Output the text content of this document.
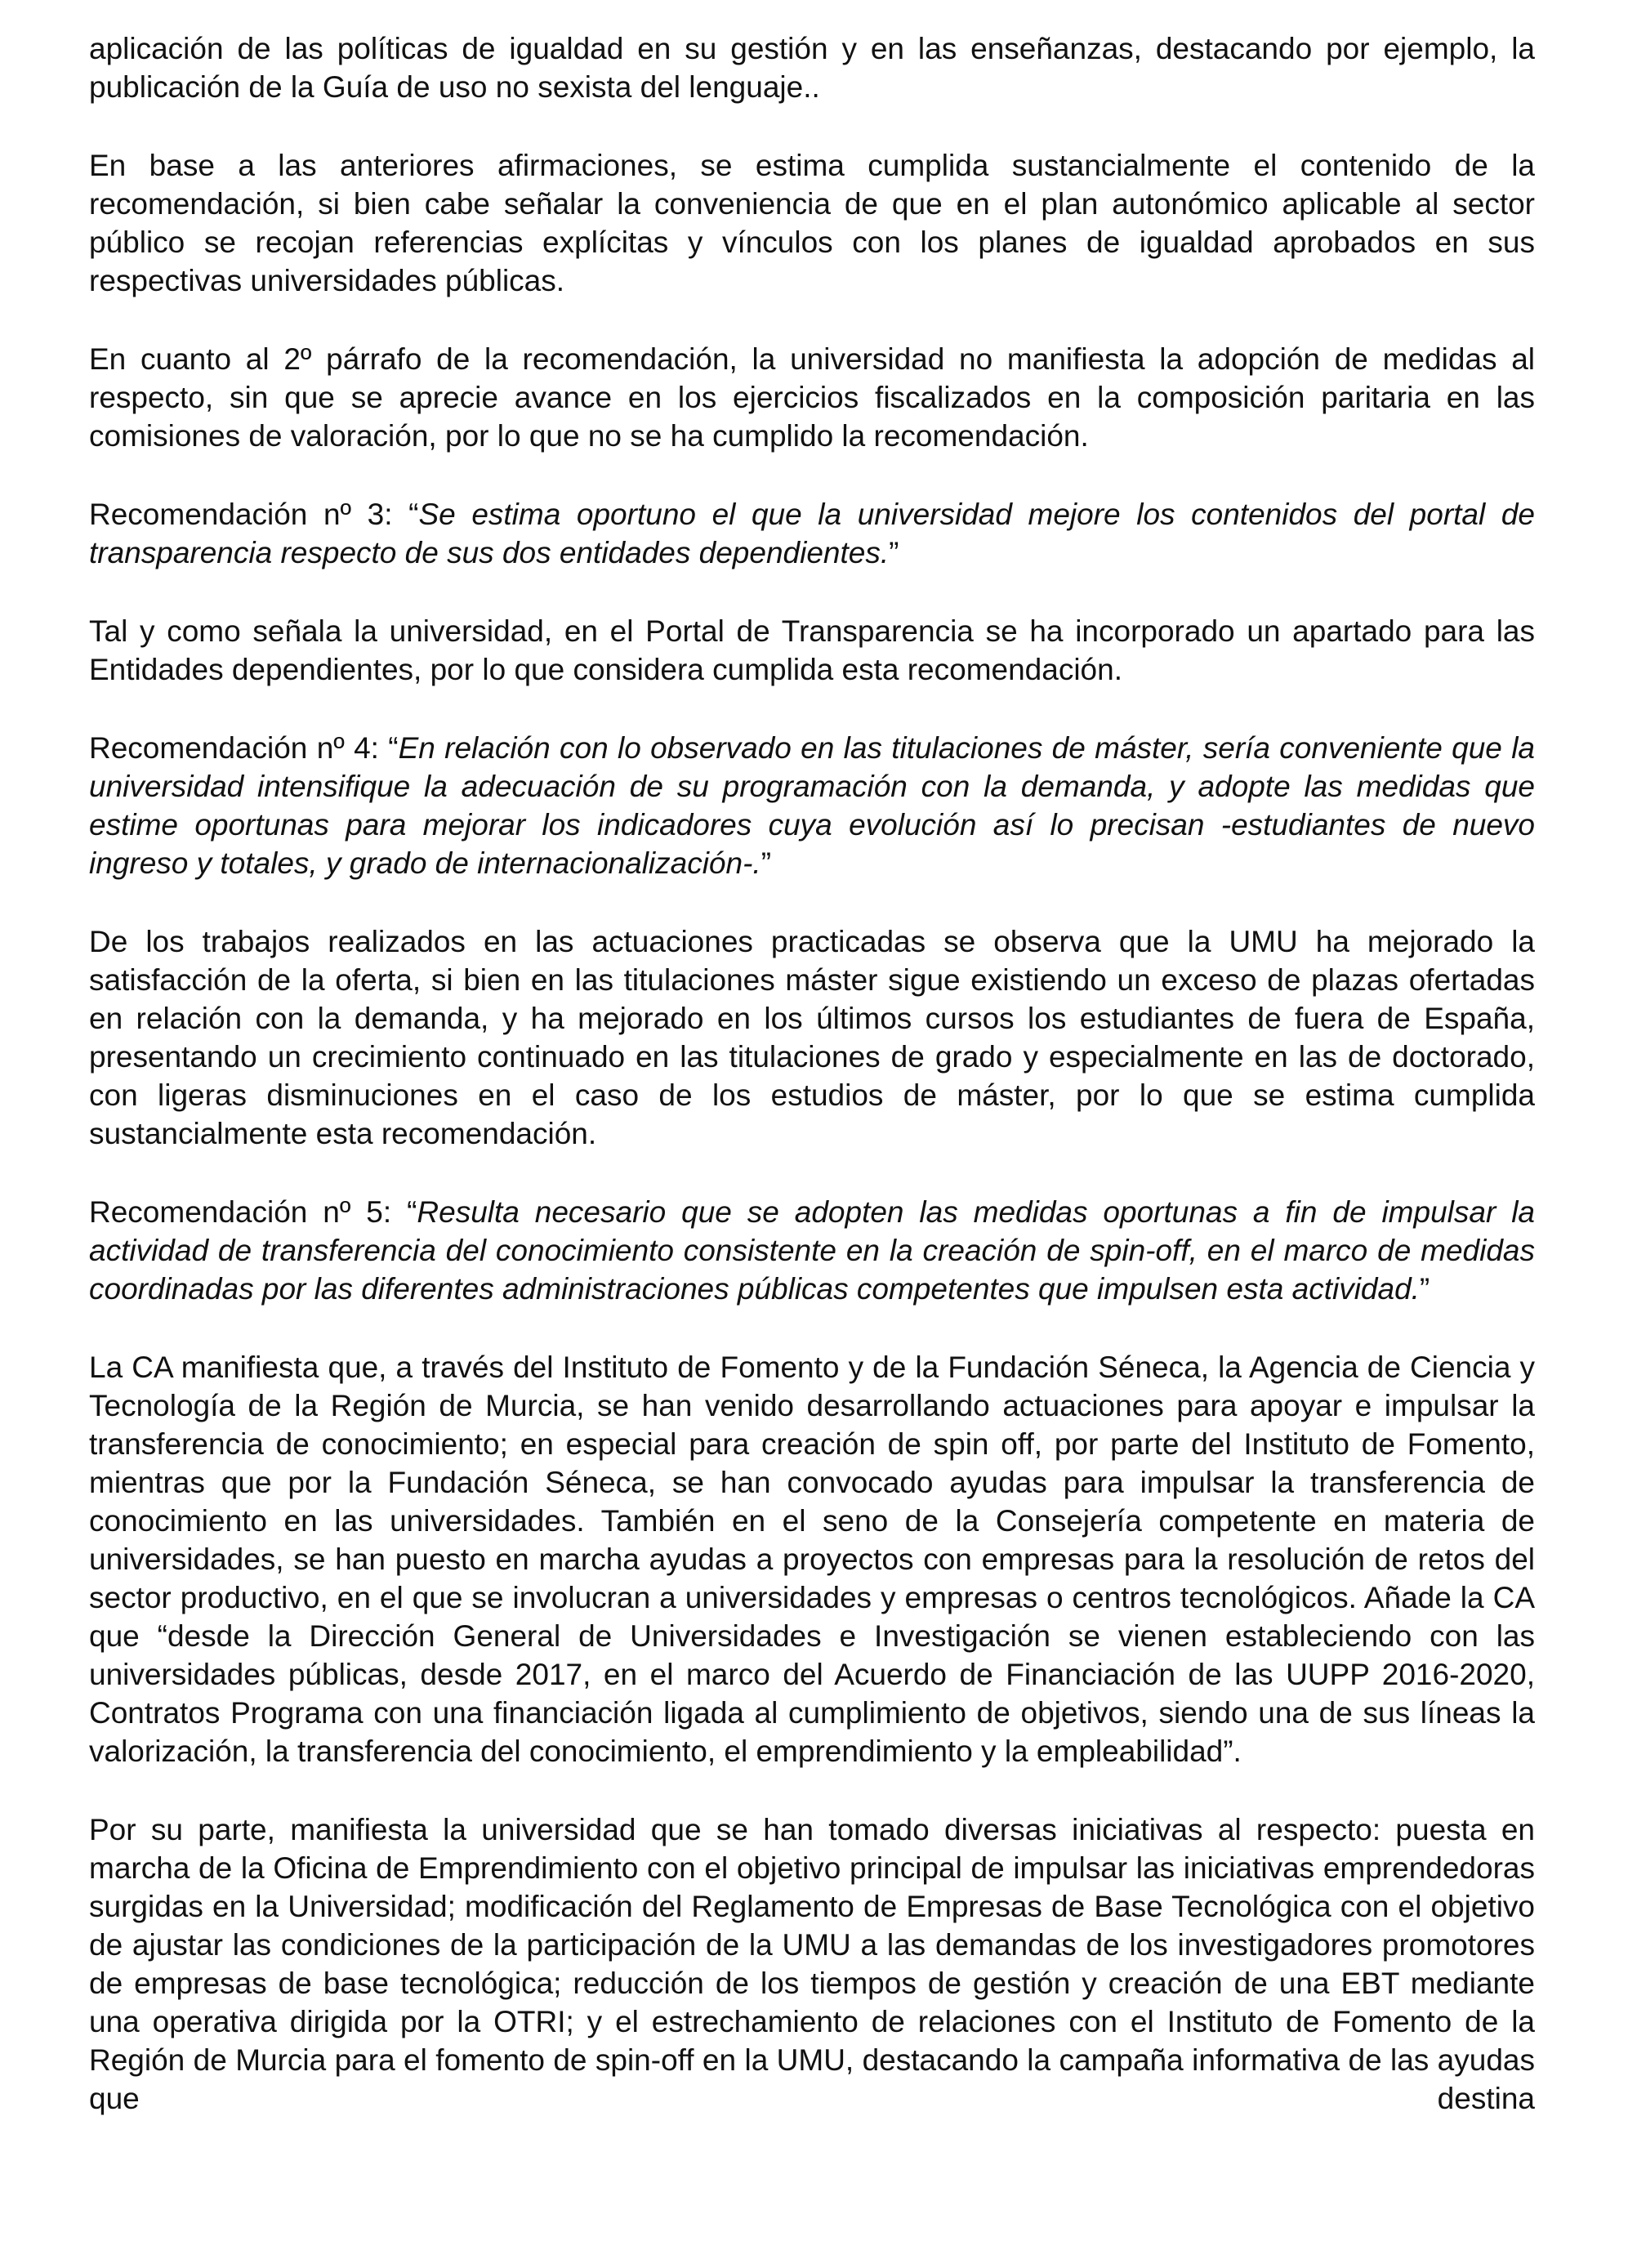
aplicación de las políticas de igualdad en su gestión y en las enseñanzas, destacando por ejemplo, la publicación de la Guía de uso no sexista del lenguaje..

En base a las anteriores afirmaciones, se estima cumplida sustancialmente el contenido de la recomendación, si bien cabe señalar la conveniencia de que en el plan autonómico aplicable al sector público se recojan referencias explícitas y vínculos con los planes de igualdad aprobados en sus respectivas universidades públicas.

En cuanto al 2º párrafo de la recomendación, la universidad no manifiesta la adopción de medidas al respecto, sin que se aprecie avance en los ejercicios fiscalizados en la composición paritaria en las comisiones de valoración, por lo que no se ha cumplido la recomendación.

Recomendación nº 3: “Se estima oportuno el que la universidad mejore los contenidos del portal de transparencia respecto de sus dos entidades dependientes.”

Tal y como señala la universidad, en el Portal de Transparencia se ha incorporado un apartado para las Entidades dependientes, por lo que considera cumplida esta recomendación.

Recomendación nº 4: “En relación con lo observado en las titulaciones de máster, sería conveniente que la universidad intensifique la adecuación de su programación con la demanda, y adopte las medidas que estime oportunas para mejorar los indicadores cuya evolución así lo precisan -estudiantes de nuevo ingreso y totales, y grado de internacionalización-.”

De los trabajos realizados en las actuaciones practicadas se observa que la UMU ha mejorado la satisfacción de la oferta, si bien en las titulaciones máster sigue existiendo un exceso de plazas ofertadas en relación con la demanda, y ha mejorado en los últimos cursos los estudiantes de fuera de España, presentando un crecimiento continuado en las titulaciones de grado y especialmente en las de doctorado, con ligeras disminuciones en el caso de los estudios de máster, por lo que se estima cumplida sustancialmente esta recomendación.

Recomendación nº 5: “Resulta necesario que se adopten las medidas oportunas a fin de impulsar la actividad de transferencia del conocimiento consistente en la creación de spin-off, en el marco de medidas coordinadas por las diferentes administraciones públicas competentes que impulsen esta actividad.”

La CA manifiesta que, a través del Instituto de Fomento y de la Fundación Séneca, la Agencia de Ciencia y Tecnología de la Región de Murcia, se han venido desarrollando actuaciones para apoyar e impulsar la transferencia de conocimiento; en especial para creación de spin off, por parte del Instituto de Fomento, mientras que por la Fundación Séneca, se han convocado ayudas para impulsar la transferencia de conocimiento en las universidades. También en el seno de la Consejería competente en materia de universidades, se han puesto en marcha ayudas a proyectos con empresas para la resolución de retos del sector productivo, en el que se involucran a universidades y empresas o centros tecnológicos. Añade la CA que “desde la Dirección General de Universidades e Investigación se vienen estableciendo con las universidades públicas, desde 2017, en el marco del Acuerdo de Financiación de las UUPP 2016-2020, Contratos Programa con una financiación ligada al cumplimiento de objetivos, siendo una de sus líneas la valorización, la transferencia del conocimiento, el emprendimiento y la empleabilidad”.

Por su parte, manifiesta la universidad que se han tomado diversas iniciativas al respecto: puesta en marcha de la Oficina de Emprendimiento con el objetivo principal de impulsar las iniciativas emprendedoras surgidas en la Universidad; modificación del Reglamento de Empresas de Base Tecnológica con el objetivo de ajustar las condiciones de la participación de la UMU a las demandas de los investigadores promotores de empresas de base tecnológica; reducción de los tiempos de gestión y creación de una EBT mediante una operativa dirigida por la OTRI; y el estrechamiento de relaciones con el Instituto de Fomento de la Región de Murcia para el fomento de spin-off en la UMU, destacando la campaña informativa de las ayudas que destina
